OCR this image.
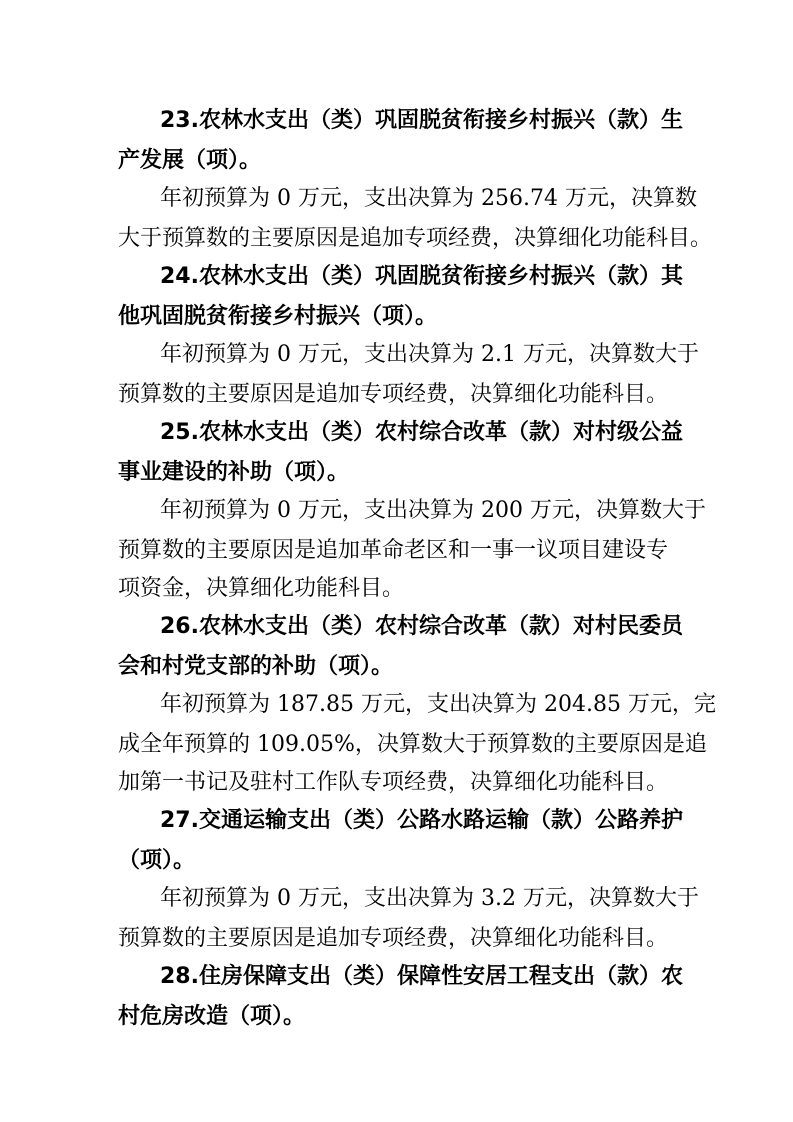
23.农林水支出（类）巩固脱贫衔接乡村振兴（款）生
产发展（项）。
年初预算为 0 万元，支出决算为 256.74 万元，决算数
大于预算数的主要原因是追加专项经费，决算细化功能科目。
24.农林水支出（类）巩固脱贫衔接乡村振兴（款）其
他巩固脱贫衔接乡村振兴（项）。
年初预算为 0 万元，支出决算为 2.1 万元，决算数大于
预算数的主要原因是追加专项经费，决算细化功能科目。
25.农林水支出（类）农村综合改革（款）对村级公益
事业建设的补助（项）。
年初预算为 0 万元，支出决算为 200 万元，决算数大于
预算数的主要原因是追加革命老区和一事一议项目建设专
项资金，决算细化功能科目。
26.农林水支出（类）农村综合改革（款）对村民委员
会和村党支部的补助（项）。
年初预算为 187.85 万元，支出决算为 204.85 万元，完
成全年预算的 109.05%，决算数大于预算数的主要原因是追
加第一书记及驻村工作队专项经费，决算细化功能科目。
27.交通运输支出（类）公路水路运输（款）公路养护
（项）。
年初预算为 0 万元，支出决算为 3.2 万元，决算数大于
预算数的主要原因是追加专项经费，决算细化功能科目。
28.住房保障支出（类）保障性安居工程支出（款）农
村危房改造（项）。
